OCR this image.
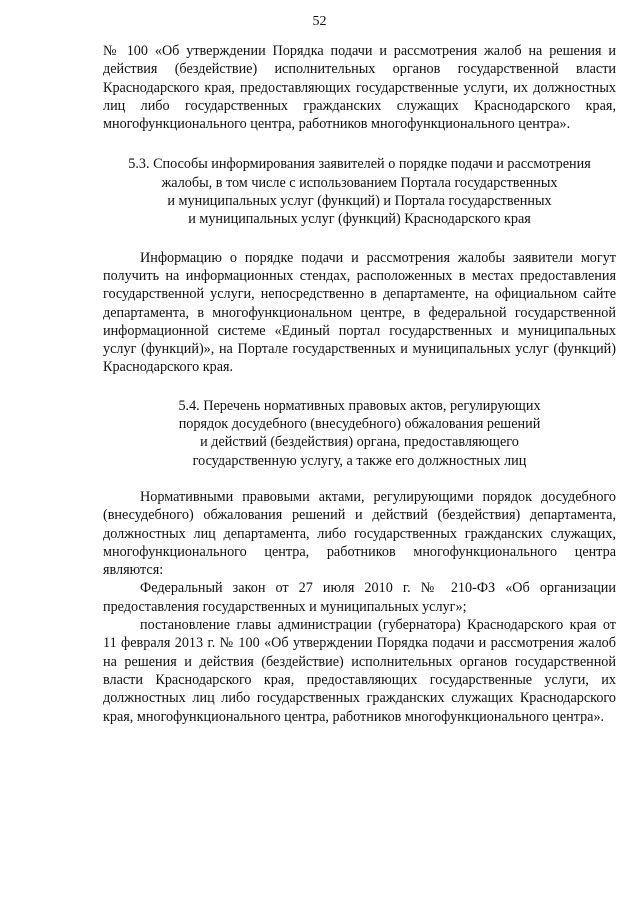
52

№ 100 «Об утверждении Порядка подачи и рассмотрения жалоб на решения и действия (бездействие) исполнительных органов государственной власти Краснодарского края, предоставляющих государственные услуги, их должностных лиц либо государственных гражданских служащих Краснодарского края, многофункционального центра, работников многофункционального центра».

5.3. Способы информирования заявителей о порядке подачи и рассмотрения
жалобы, в том числе с использованием Портала государственных
и муниципальных услуг (функций) и Портала государственных
и муниципальных услуг (функций) Краснодарского края

Информацию о порядке подачи и рассмотрения жалобы заявители могут получить на информационных стендах, расположенных в местах предоставления государственной услуги, непосредственно в департаменте, на официальном сайте департамента, в многофункциональном центре, в федеральной государственной информационной системе «Единый портал государственных и муниципальных услуг (функций)», на Портале государственных и муниципальных услуг (функций) Краснодарского края.

5.4. Перечень нормативных правовых актов, регулирующих
порядок досудебного (внесудебного) обжалования решений
и действий (бездействия) органа, предоставляющего
государственную услугу, а также его должностных лиц

Нормативными правовыми актами, регулирующими порядок досудебного (внесудебного) обжалования решений и действий (бездействия) департамента, должностных лиц департамента, либо государственных гражданских служащих, многофункционального центра, работников многофункционального центра являются:

Федеральный закон от 27 июля 2010 г. № 210-ФЗ «Об организации предоставления государственных и муниципальных услуг»;

постановление главы администрации (губернатора) Краснодарского края от 11 февраля 2013 г. № 100 «Об утверждении Порядка подачи и рассмотрения жалоб на решения и действия (бездействие) исполнительных органов государственной власти Краснодарского края, предоставляющих государственные услуги, их должностных лиц либо государственных гражданских служащих Краснодарского края, многофункционального центра, работников многофункционального центра».
